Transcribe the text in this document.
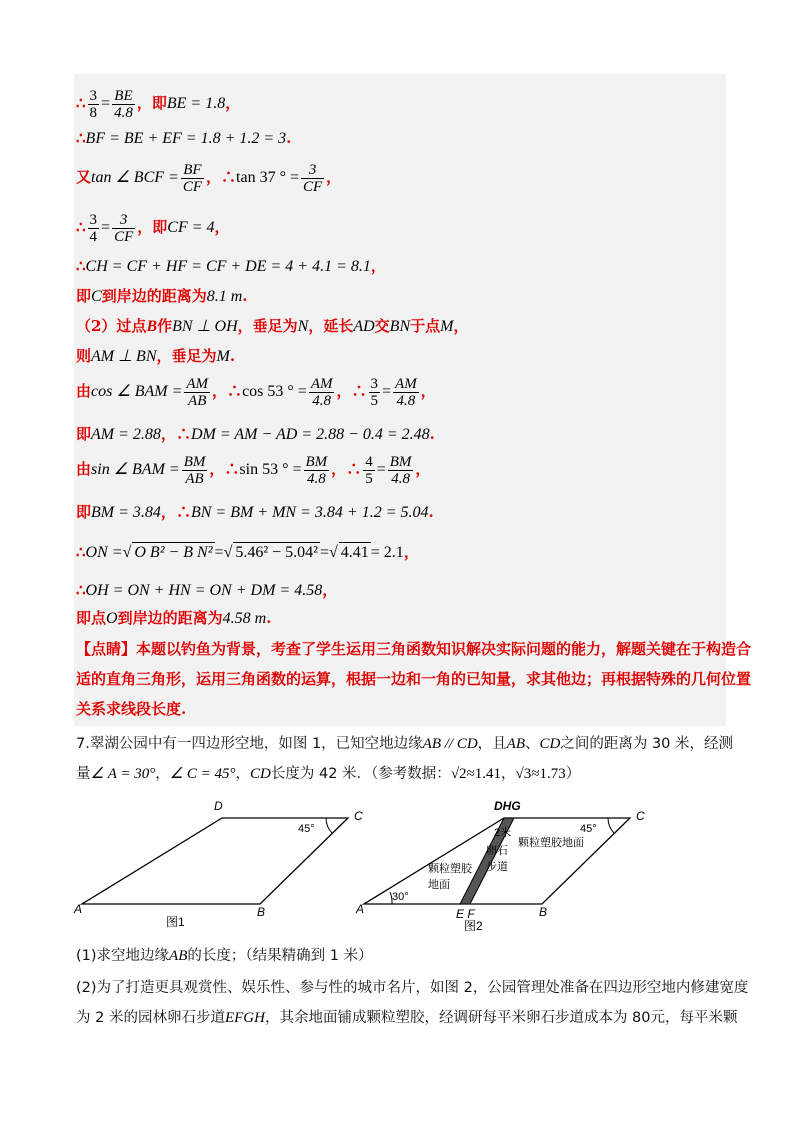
∴ $\frac{3}{8} = \frac{BE}{4.8}$ ，即BE = 1.8，
∴BF = BE + EF = 1.8 + 1.2 = 3.
又tan ∠ BCF = $\frac{BF}{CF}$ ，∴tan 37 ° = $\frac{3}{CF}$ ，
∴ $\frac{3}{4} = \frac{3}{CF}$ ，即CF = 4，
∴CH = CF + HF = CF + DE = 4 + 4.1 = 8.1，
即C到岸边的距离为8.1 m.
（2）过点B作BN ⊥ OH，垂足为N，延长AD交BN于点M，
则AM ⊥ BN，垂足为M.
由cos ∠ BAM = $\frac{AM}{AB}$ ，∴cos 53 ° = $\frac{AM}{4.8}$ ，∴ $\frac{3}{5} = \frac{AM}{4.8}$ ，
即AM = 2.88，∴DM = AM − AD = 2.88 − 0.4 = 2.48.
由sin ∠ BAM = $\frac{BM}{AB}$ ，∴sin 53 ° = $\frac{BM}{4.8}$ ，∴ $\frac{4}{5} = \frac{BM}{4.8}$ ，
即BM = 3.84，∴BN = BM + MN = 3.84 + 1.2 = 5.04.
∴ON =√ O B² − B N² =√ 5.46² − 5.04² =√ 4.41 = 2.1，
∴OH = ON + HN = ON + DM = 4.58，
即点O到岸边的距离为4.58 m.
【点睛】本题以钓鱼为背景，考查了学生运用三角函数知识解决实际问题的能力，解题关键在于构造合
适的直角三角形，运用三角函数的运算，根据一边和一角的已知量，求其他边；再根据特殊的几何位置
关系求线段长度.
7.翠湖公园中有一四边形空地，如图 1，已知空地边缘AB // CD，且AB、CD之间的距离为 30 米，经测
量∠ A = 30°，∠ C = 45°，CD长度为 42 米．（参考数据：√2≈1.41，√3≈1.73）
A	B
C
D
45°
图1
A	B
C
DHG
E F
30°
45°
2米
卵石
步道
颗粒塑胶地面
颗粒塑胶
地面
图2
(1)求空地边缘AB的长度；（结果精确到 1 米）
(2)为了打造更具观赏性、娱乐性、参与性的城市名片，如图 2，公园管理处准备在四边形空地内修建宽度
为 2 米的园林卵石步道EFGH，其余地面铺成颗粒塑胶，经调研每平米卵石步道成本为 80元，每平米颗
